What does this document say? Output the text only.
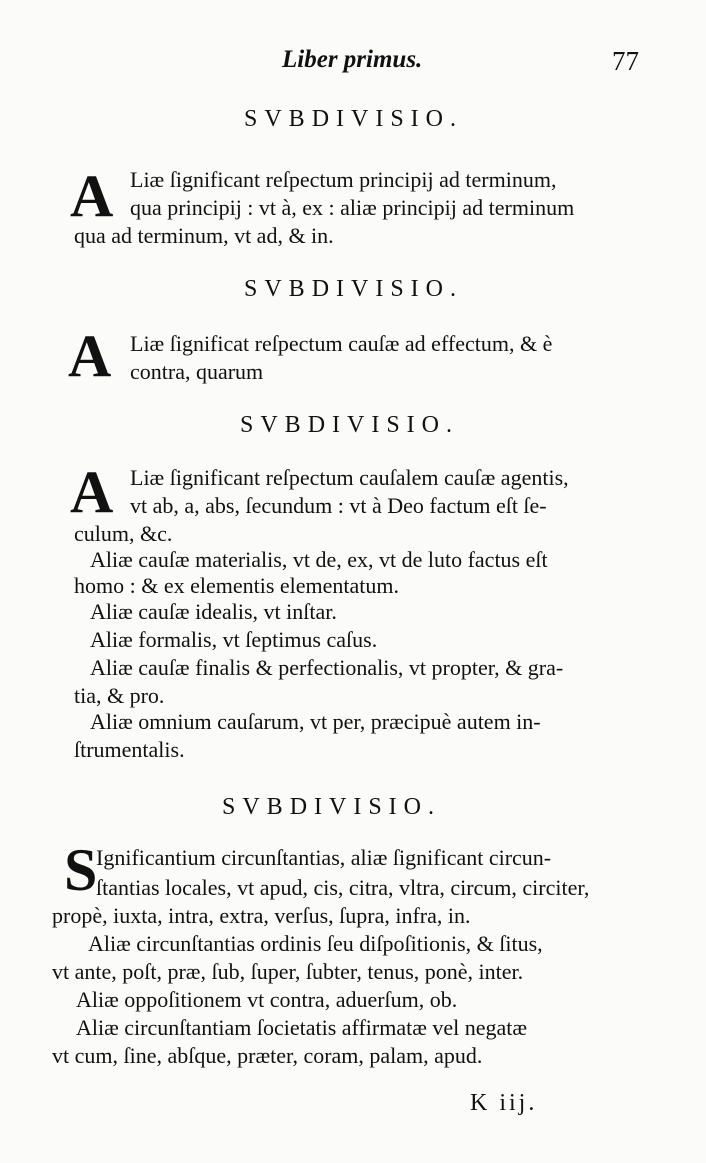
Liber primus.	77
SVBDIVISIO.
A Liæ ſignificant reſpectum principij ad terminum,
qua principij : vt à, ex : aliæ principij ad terminum
qua ad terminum, vt ad, & in.
SVBDIVISIO.
A Liæ ſignificat reſpectum cauſæ ad effectum, & è
contra, quarum
SVBDIVISIO.
A Liæ ſignificant reſpectum cauſalem cauſæ agentis,
vt ab, a, abs, ſecundum : vt à Deo factum eſt ſe-
culum, &c.
Aliæ cauſæ materialis, vt de, ex, vt de luto factus eſt
homo : & ex elementis elementatum.
Aliæ cauſæ idealis, vt inſtar.
Aliæ formalis, vt ſeptimus caſus.
Aliæ cauſæ finalis & perfectionalis, vt propter, & gra-
tia, & pro.
Aliæ omnium cauſarum, vt per, præcipuè autem in-
ſtrumentalis.
SVBDIVISIO.
S
Ignificantium circunſtantias, aliæ ſignificant circun-
ſtantias locales, vt apud, cis, citra, vltra, circum, circiter,
propè, iuxta, intra, extra, verſus, ſupra, infra, in.
Aliæ circunſtantias ordinis ſeu diſpoſitionis, & ſitus,
vt ante, poſt, præ, ſub, ſuper, ſubter, tenus, ponè, inter.
Aliæ oppoſitionem vt contra, aduerſum, ob.
Aliæ circunſtantiam ſocietatis affirmatæ vel negatæ
vt cum, ſine, abſque, præter, coram, palam, apud.
K iij.
